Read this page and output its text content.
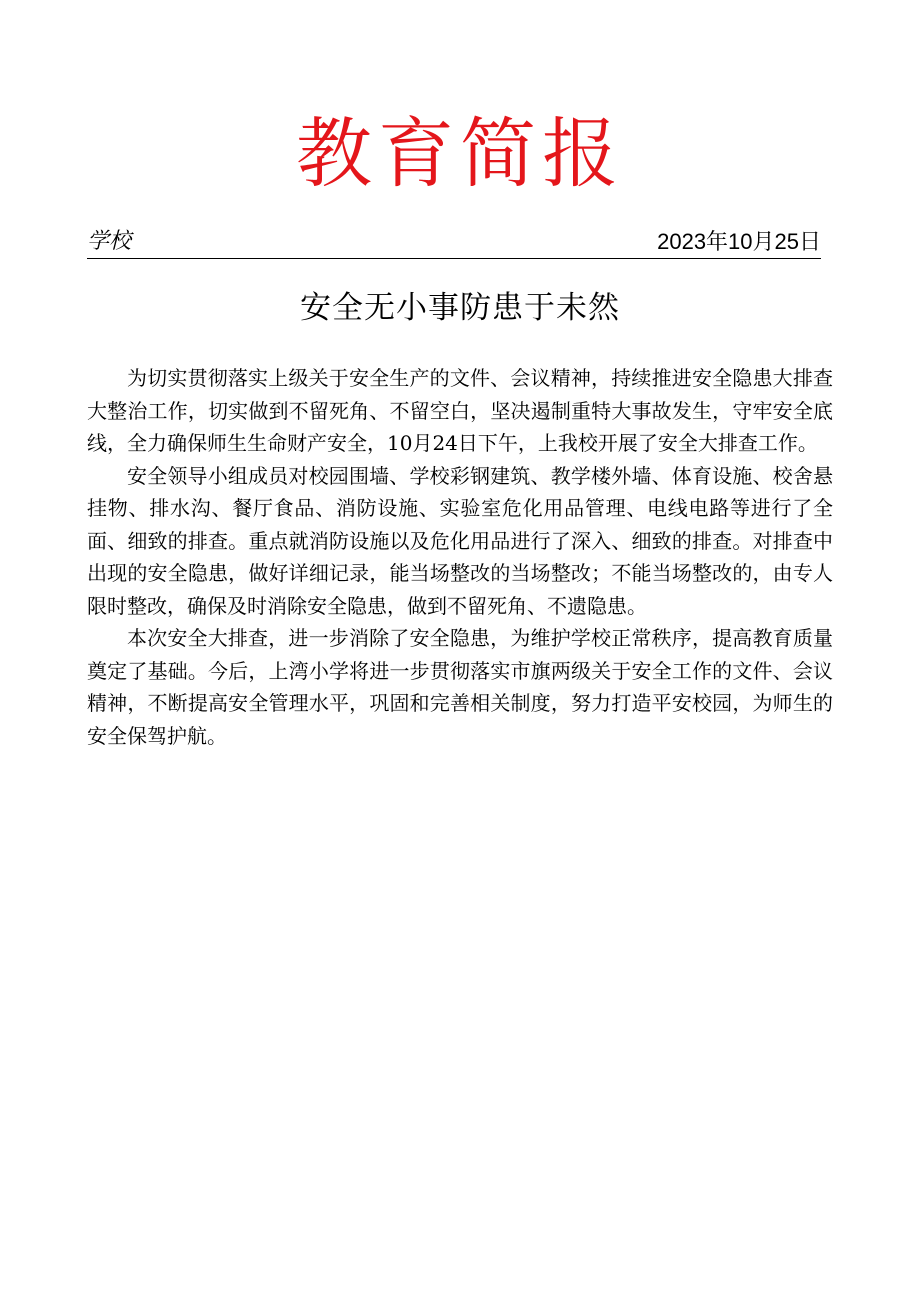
教育简报
学校	2023年10月25日
安全无小事防患于未然

为切实贯彻落实上级关于安全生产的文件、会议精神，持续推进安全隐患大排查大整治工作，切实做到不留死角、不留空白，坚决遏制重特大事故发生，守牢安全底线，全力确保师生生命财产安全，10月24日下午，上我校开展了安全大排查工作。

安全领导小组成员对校园围墙、学校彩钢建筑、教学楼外墙、体育设施、校舍悬挂物、排水沟、餐厅食品、消防设施、实验室危化用品管理、电线电路等进行了全面、细致的排查。重点就消防设施以及危化用品进行了深入、细致的排查。对排查中出现的安全隐患，做好详细记录，能当场整改的当场整改；不能当场整改的，由专人限时整改，确保及时消除安全隐患，做到不留死角、不遗隐患。

本次安全大排查，进一步消除了安全隐患，为维护学校正常秩序，提高教育质量奠定了基础。今后，上湾小学将进一步贯彻落实市旗两级关于安全工作的文件、会议精神，不断提高安全管理水平，巩固和完善相关制度，努力打造平安校园，为师生的安全保驾护航。
